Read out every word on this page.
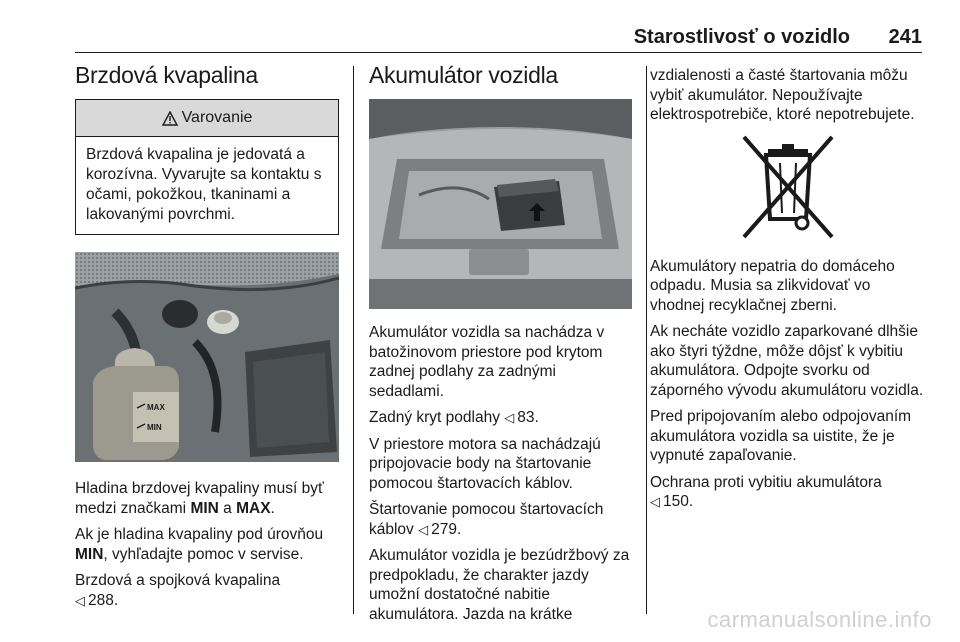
Starostlivosť o vozidlo 241
Brzdová kvapalina
Varovanie
Brzdová kvapalina je jedovatá a korozívna. Vyvarujte sa kontaktu s očami, pokožkou, tkaninami a lakovanými povrchmi.
MAX
MIN

Hladina brzdovej kvapaliny musí byť medzi značkami MIN a MAX.

Ak je hladina kvapaliny pod úrovňou MIN, vyhľadajte pomoc v servise.

Brzdová a spojková kvapalina
◁ 288.

Akumulátor vozidla

Akumulátor vozidla sa nachádza v batožinovom priestore pod krytom zadnej podlahy za zadnými sedadlami.

Zadný kryt podlahy ◁ 83.

V priestore motora sa nachádzajú pripojovacie body na štartovanie pomocou štartovacích káblov.

Štartovanie pomocou štartovacích káblov ◁ 279.

Akumulátor vozidla je bezúdržbový za predpokladu, že charakter jazdy umožní dostatočné nabitie akumulátora. Jazda na krátke

vzdialenosti a časté štartovania môžu vybiť akumulátor. Nepoužívajte elektrospotrebiče, ktoré nepotrebujete.

Akumulátory nepatria do domáceho odpadu. Musia sa zlikvidovať vo vhodnej recyklačnej zberni.

Ak necháte vozidlo zaparkované dlhšie ako štyri týždne, môže dôjsť k vybitiu akumulátora. Odpojte svorku od záporného vývodu akumulátoru vozidla.

Pred pripojovaním alebo odpojovaním akumulátora vozidla sa uistite, že je vypnuté zapaľovanie.

Ochrana proti vybitiu akumulátora
◁ 150.

carmanualsonline.info
